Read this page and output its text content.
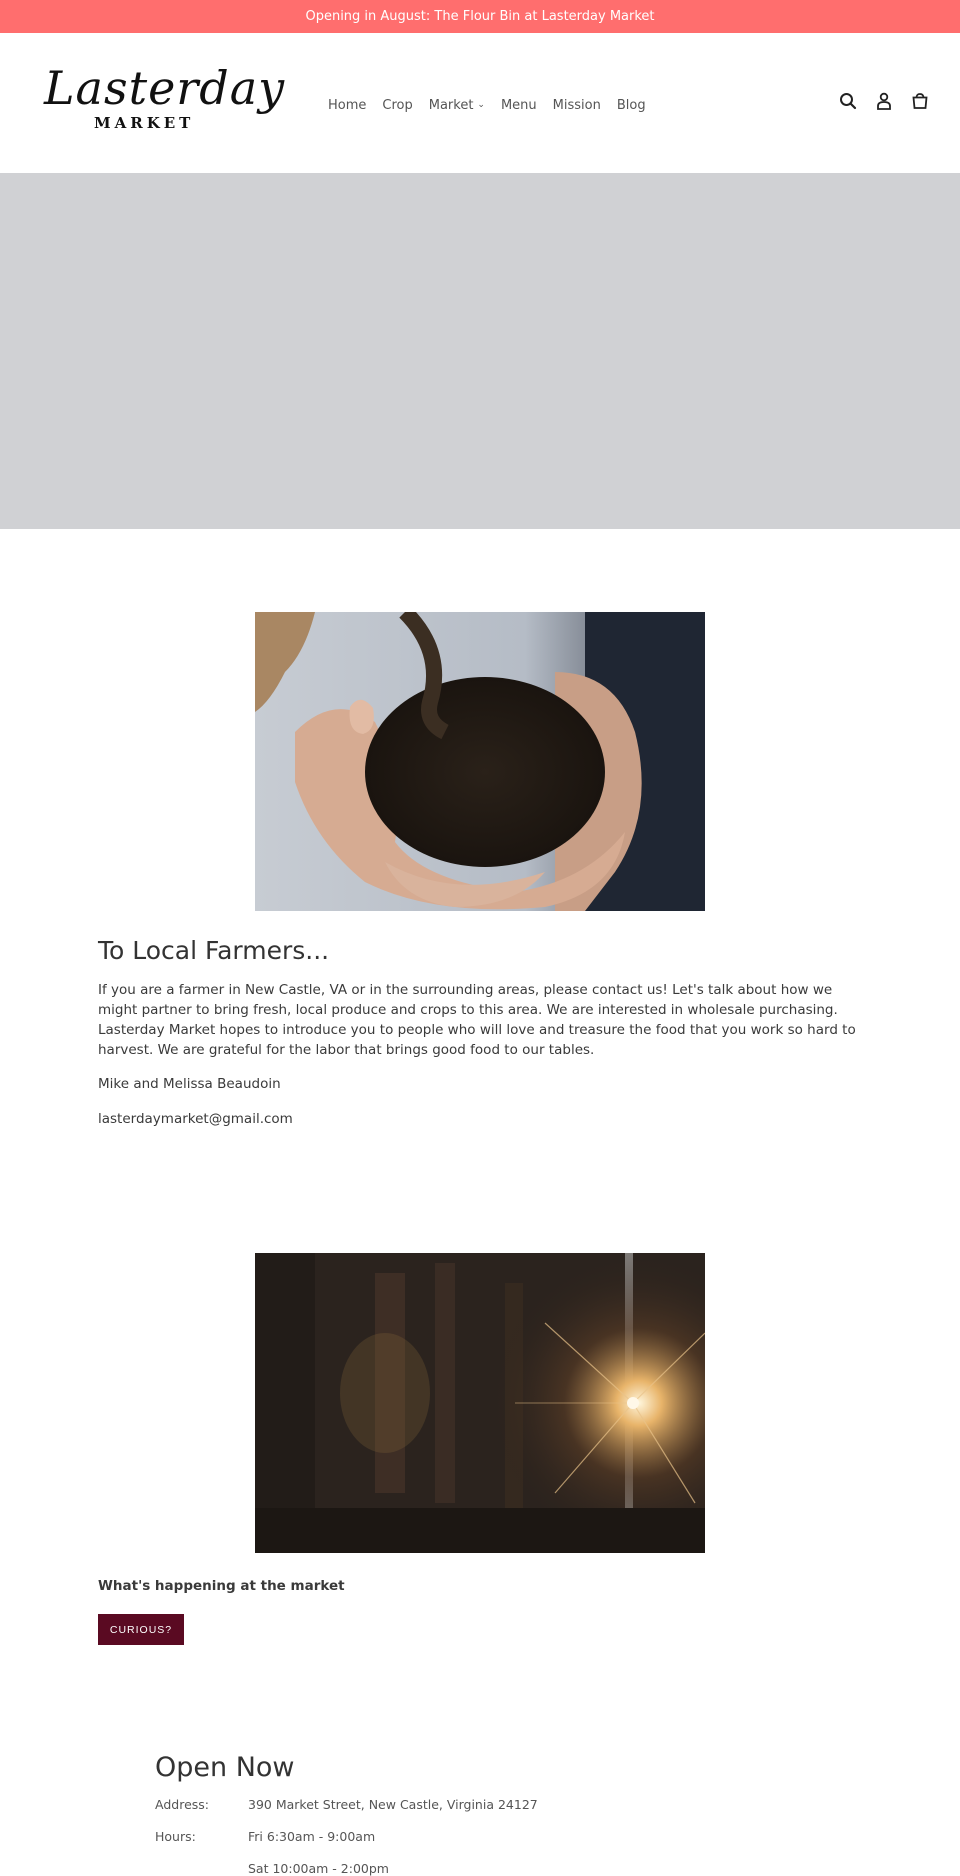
Opening in August: The Flour Bin at Lasterday Market
Lasterday
MARKET
Home Crop Market ⌄ Menu Mission Blog
To Local Farmers...

If you are a farmer in New Castle, VA or in the surrounding areas, please contact us! Let's talk about how we might partner to bring fresh, local produce and crops to this area. We are interested in wholesale purchasing. Lasterday Market hopes to introduce you to people who will love and treasure the food that you work so hard to harvest. We are grateful for the labor that brings good food to our tables.

Mike and Melissa Beaudoin

lasterdaymarket@gmail.com

What's happening at the market

CURIOUS?
Open Now
Address:	390 Market Street, New Castle, Virginia 24127
Hours:	Fri 6:30am - 9:00am
Sat 10:00am - 2:00pm
